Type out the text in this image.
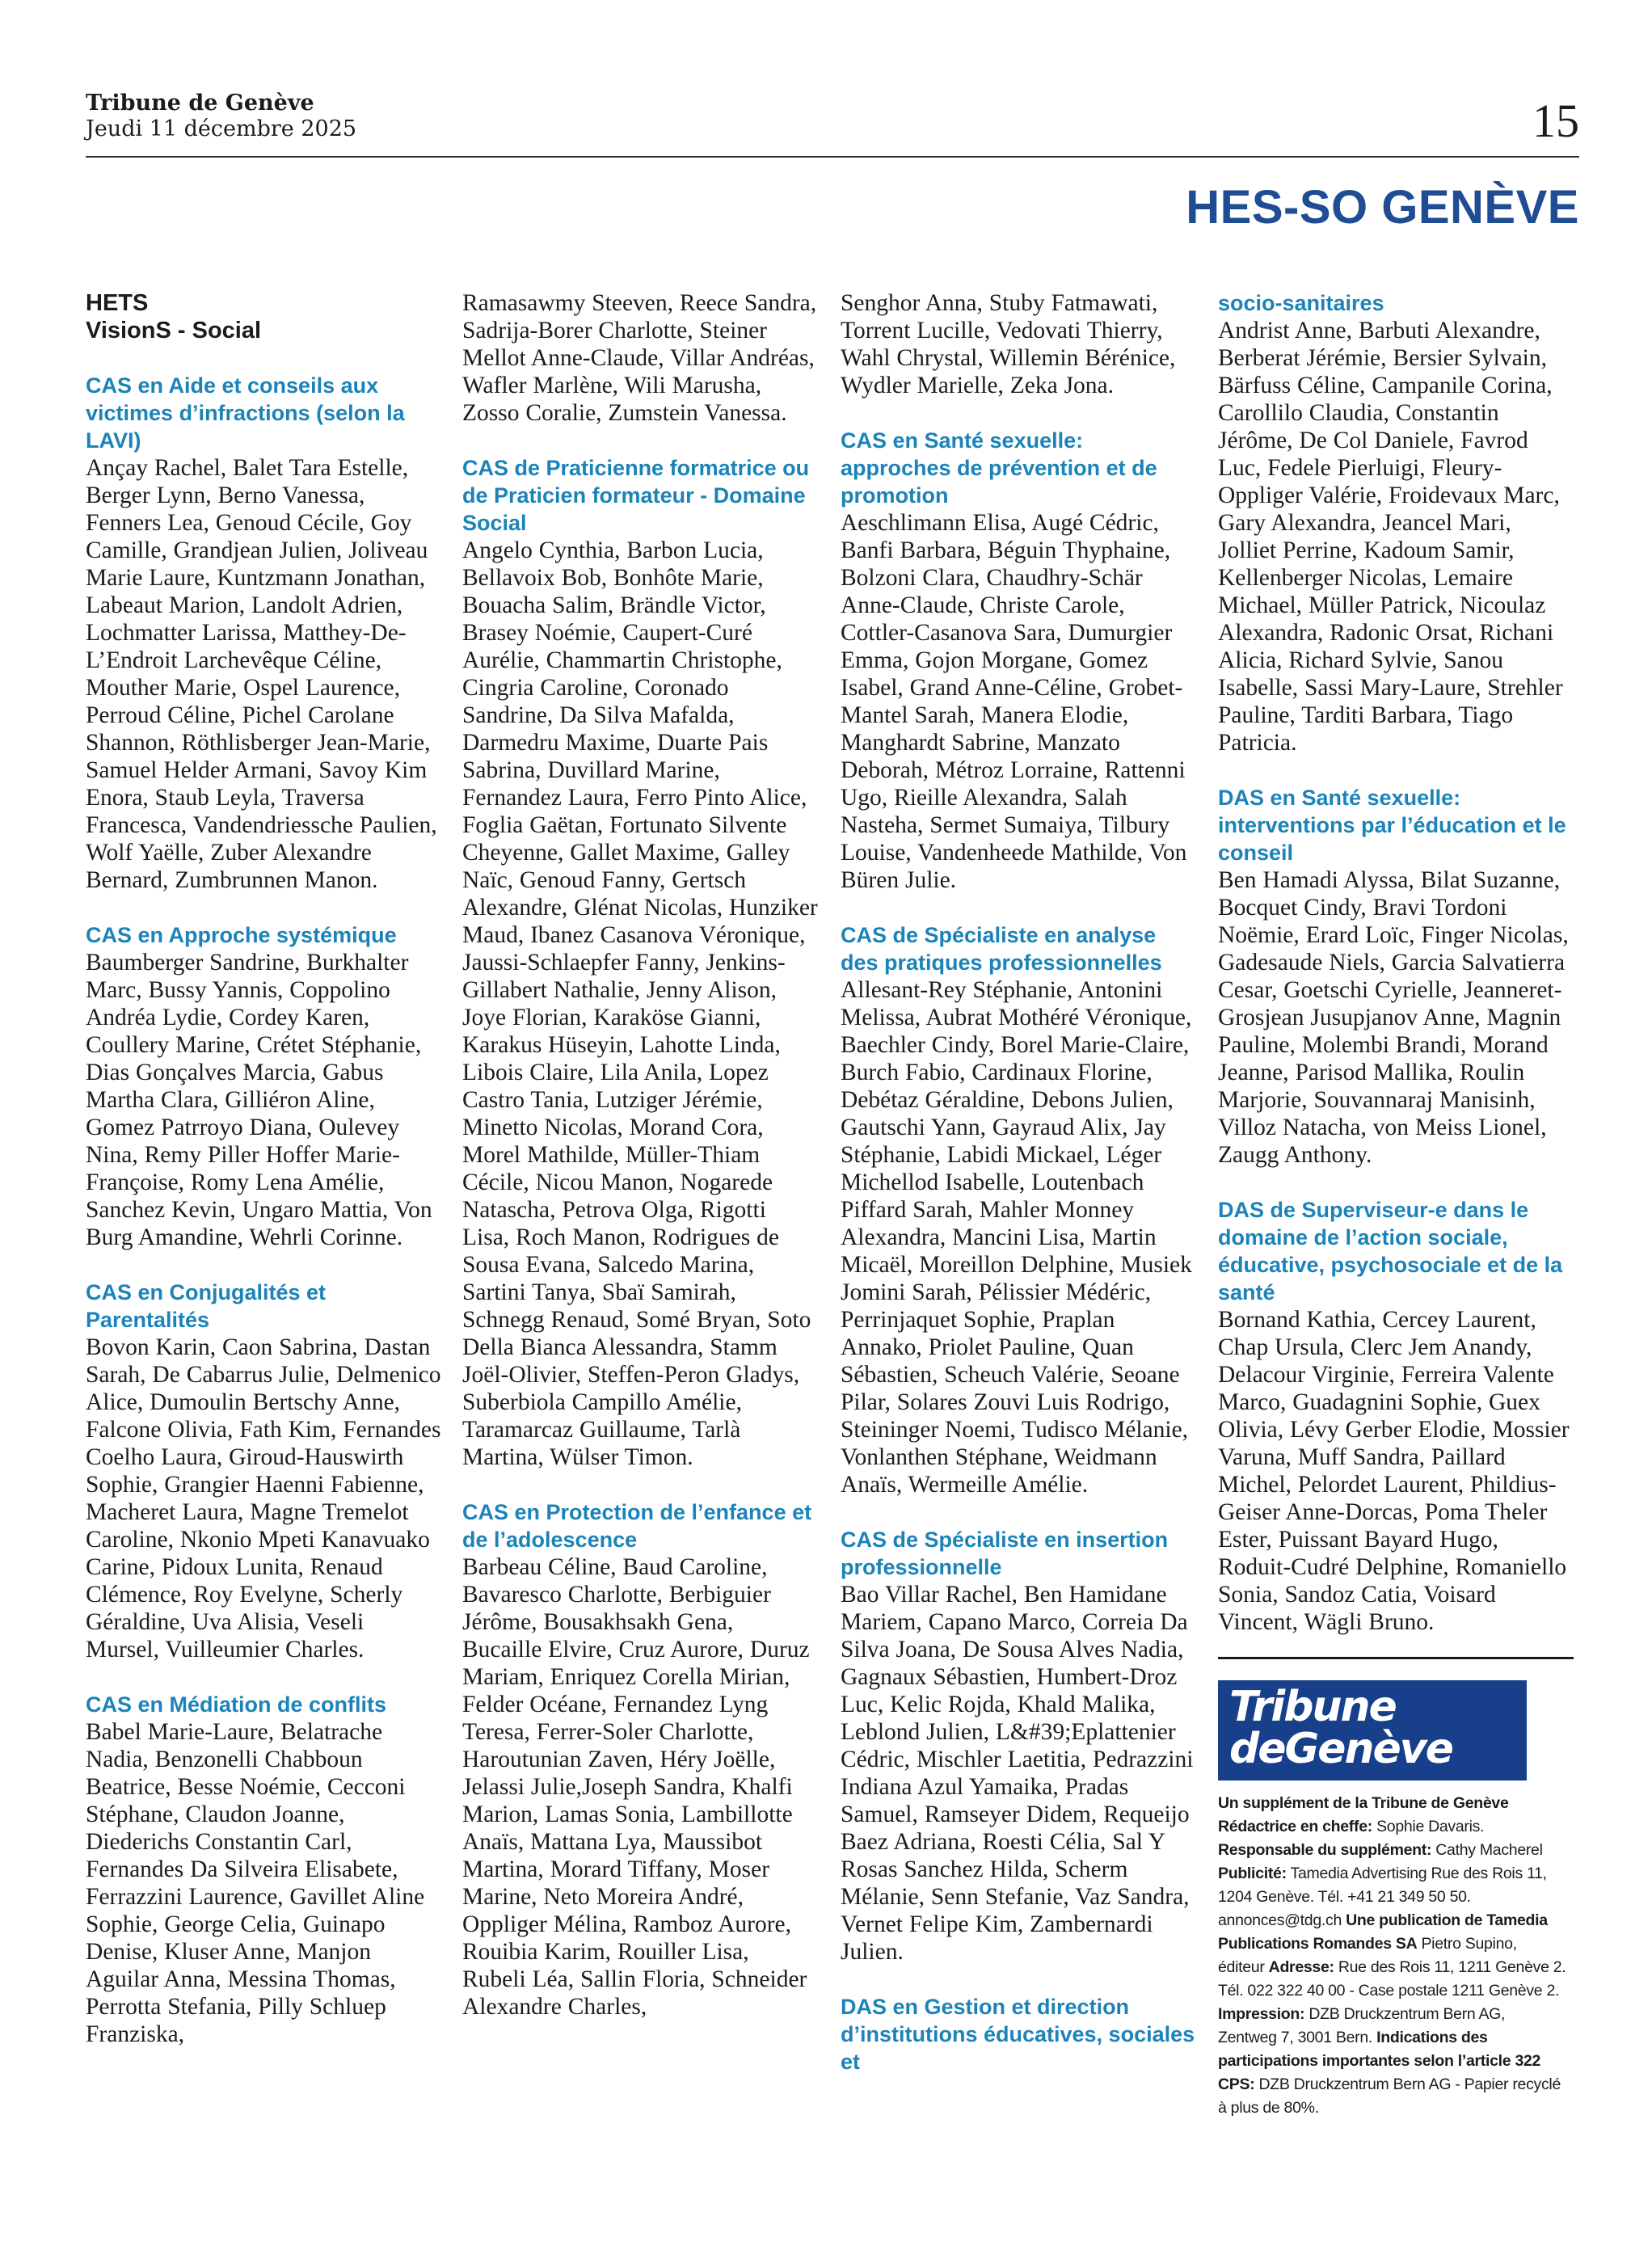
Tribune de Genève
Jeudi 11 décembre 2025	15
HES-SO GENÈVE
HETS
VisionS - Social

CAS en Aide et conseils aux victimes d’infractions (selon la LAVI)

Ançay Rachel, Balet Tara Estelle, Berger Lynn, Berno Vanessa, Fenners Lea, Genoud Cécile, Goy Camille, Grandjean Julien, Joliveau Marie Laure, Kuntzmann Jonathan, Labeaut Marion, Landolt Adrien, Lochmatter Larissa, Matthey-De-L’Endroit Larchevêque Céline, Mouther Marie, Ospel Laurence, Perroud Céline, Pichel Carolane Shannon, Röthlisberger Jean-Marie, Samuel Helder Armani, Savoy Kim Enora, Staub Leyla, Traversa Francesca, Vandendriessche Paulien, Wolf Yaëlle, Zuber Alexandre Bernard, Zumbrunnen Manon.

CAS en Approche systémique

Baumberger Sandrine, Burkhalter Marc, Bussy Yannis, Coppolino Andréa Lydie, Cordey Karen, Coullery Marine, Crétet Stéphanie, Dias Gonçalves Marcia, Gabus Martha Clara, Gilliéron Aline, Gomez Patrroyo Diana, Oulevey Nina, Remy Piller Hoffer Marie-Françoise, Romy Lena Amélie, Sanchez Kevin, Ungaro Mattia, Von Burg Amandine, Wehrli Corinne.

CAS en Conjugalités et Parentalités

Bovon Karin, Caon Sabrina, Dastan Sarah, De Cabarrus Julie, Delmenico Alice, Dumoulin Bertschy Anne, Falcone Olivia, Fath Kim, Fernandes Coelho Laura, Giroud-Hauswirth Sophie, Grangier Haenni Fabienne, Macheret Laura, Magne Tremelot Caroline, Nkonio Mpeti Kanavuako Carine, Pidoux Lunita, Renaud Clémence, Roy Evelyne, Scherly Géraldine, Uva Alisia, Veseli Mursel, Vuilleumier Charles.

CAS en Médiation de conflits

Babel Marie-Laure, Belatrache Nadia, Benzonelli Chabboun Beatrice, Besse Noémie, Cecconi Stéphane, Claudon Joanne, Diederichs Constantin Carl, Fernandes Da Silveira Elisabete, Ferrazzini Laurence, Gavillet Aline Sophie, George Celia, Guinapo Denise, Kluser Anne, Manjon Aguilar Anna, Messina Thomas, Perrotta Stefania, Pilly Schluep Franziska,

Ramasawmy Steeven, Reece Sandra, Sadrija-Borer Charlotte, Steiner Mellot Anne-Claude, Villar Andréas, Wafler Marlène, Wili Marusha, Zosso Coralie, Zumstein Vanessa.

CAS de Praticienne formatrice ou de Praticien formateur - Domaine Social

Angelo Cynthia, Barbon Lucia, Bellavoix Bob, Bonhôte Marie, Bouacha Salim, Brändle Victor, Brasey Noémie, Caupert-Curé Aurélie, Chammartin Christophe, Cingria Caroline, Coronado Sandrine, Da Silva Mafalda, Darmedru Maxime, Duarte Pais Sabrina, Duvillard Marine, Fernandez Laura, Ferro Pinto Alice, Foglia Gaëtan, Fortunato Silvente Cheyenne, Gallet Maxime, Galley Naïc, Genoud Fanny, Gertsch Alexandre, Glénat Nicolas, Hunziker Maud, Ibanez Casanova Véronique, Jaussi-Schlaepfer Fanny, Jenkins-Gillabert Nathalie, Jenny Alison, Joye Florian, Karaköse Gianni, Karakus Hüseyin, Lahotte Linda, Libois Claire, Lila Anila, Lopez Castro Tania, Lutziger Jérémie, Minetto Nicolas, Morand Cora, Morel Mathilde, Müller-Thiam Cécile, Nicou Manon, Nogarede Natascha, Petrova Olga, Rigotti Lisa, Roch Manon, Rodrigues de Sousa Evana, Salcedo Marina, Sartini Tanya, Sbaï Samirah, Schnegg Renaud, Somé Bryan, Soto Della Bianca Alessandra, Stamm Joël-Olivier, Steffen-Peron Gladys, Suberbiola Campillo Amélie, Taramarcaz Guillaume, Tarlà Martina, Wülser Timon.

CAS en Protection de l’enfance et de l’adolescence

Barbeau Céline, Baud Caroline, Bavaresco Charlotte, Berbiguier Jérôme, Bousakhsakh Gena, Bucaille Elvire, Cruz Aurore, Duruz Mariam, Enriquez Corella Mirian, Felder Océane, Fernandez Lyng Teresa, Ferrer-Soler Charlotte, Haroutunian Zaven, Héry Joëlle, Jelassi Julie,Joseph Sandra, Khalfi Marion, Lamas Sonia, Lambillotte Anaïs, Mattana Lya, Maussibot Martina, Morard Tiffany, Moser Marine, Neto Moreira André, Oppliger Mélina, Ramboz Aurore, Rouibia Karim, Rouiller Lisa, Rubeli Léa, Sallin Floria, Schneider Alexandre Charles,

Senghor Anna, Stuby Fatmawati, Torrent Lucille, Vedovati Thierry, Wahl Chrystal, Willemin Bérénice, Wydler Marielle, Zeka Jona.

CAS en Santé sexuelle: approches de prévention et de promotion

Aeschlimann Elisa, Augé Cédric, Banfi Barbara, Béguin Thyphaine, Bolzoni Clara, Chaudhry-Schär Anne-Claude, Christe Carole, Cottler-Casanova Sara, Dumurgier Emma, Gojon Morgane, Gomez Isabel, Grand Anne-Céline, Grobet-Mantel Sarah, Manera Elodie, Manghardt Sabrine, Manzato Deborah, Métroz Lorraine, Rattenni Ugo, Rieille Alexandra, Salah Nasteha, Sermet Sumaiya, Tilbury Louise, Vandenheede Mathilde, Von Büren Julie.

CAS de Spécialiste en analyse des pratiques professionnelles

Allesant-Rey Stéphanie, Antonini Melissa, Aubrat Mothéré Véronique, Baechler Cindy, Borel Marie-Claire, Burch Fabio, Cardinaux Florine, Debétaz Géraldine, Debons Julien, Gautschi Yann, Gayraud Alix, Jay Stéphanie, Labidi Mickael, Léger Michellod Isabelle, Loutenbach Piffard Sarah, Mahler Monney Alexandra, Mancini Lisa, Martin Micaël, Moreillon Delphine, Musiek Jomini Sarah, Pélissier Médéric, Perrinjaquet Sophie, Praplan Annako, Priolet Pauline, Quan Sébastien, Scheuch Valérie, Seoane Pilar, Solares Zouvi Luis Rodrigo, Steininger Noemi, Tudisco Mélanie, Vonlanthen Stéphane, Weidmann Anaïs, Wermeille Amélie.

CAS de Spécialiste en insertion professionnelle

Bao Villar Rachel, Ben Hamidane Mariem, Capano Marco, Correia Da Silva Joana, De Sousa Alves Nadia, Gagnaux Sébastien, Humbert-Droz Luc, Kelic Rojda, Khald Malika, Leblond Julien, L&#39;Eplattenier Cédric, Mischler Laetitia, Pedrazzini Indiana Azul Yamaika, Pradas Samuel, Ramseyer Didem, Requeijo Baez Adriana, Roesti Célia, Sal Y Rosas Sanchez Hilda, Scherm Mélanie, Senn Stefanie, Vaz Sandra, Vernet Felipe Kim, Zambernardi Julien.

DAS en Gestion et direction d’institutions éducatives, sociales et

socio-sanitaires

Andrist Anne, Barbuti Alexandre, Berberat Jérémie, Bersier Sylvain, Bärfuss Céline, Campanile Corina, Carollilo Claudia, Constantin Jérôme, De Col Daniele, Favrod Luc, Fedele Pierluigi, Fleury-Oppliger Valérie, Froidevaux Marc, Gary Alexandra, Jeancel Mari, Jolliet Perrine, Kadoum Samir, Kellenberger Nicolas, Lemaire Michael, Müller Patrick, Nicoulaz Alexandra, Radonic Orsat, Richani Alicia, Richard Sylvie, Sanou Isabelle, Sassi Mary-Laure, Strehler Pauline, Tarditi Barbara, Tiago Patricia.

DAS en Santé sexuelle: interventions par l’éducation et le conseil

Ben Hamadi Alyssa, Bilat Suzanne, Bocquet Cindy, Bravi Tordoni Noëmie, Erard Loïc, Finger Nicolas, Gadesaude Niels, Garcia Salvatierra Cesar, Goetschi Cyrielle, Jeanneret-Grosjean Jusupjanov Anne, Magnin Pauline, Molembi Brandi, Morand Jeanne, Parisod Mallika, Roulin Marjorie, Souvannaraj Manisinh, Villoz Natacha, von Meiss Lionel, Zaugg Anthony.

DAS de Superviseur-e dans le domaine de l’action sociale, éducative, psychosociale et de la santé

Bornand Kathia, Cercey Laurent, Chap Ursula, Clerc Jem Anandy, Delacour Virginie, Ferreira Valente Marco, Guadagnini Sophie, Guex Olivia, Lévy Gerber Elodie, Mossier Varuna, Muff Sandra, Paillard Michel, Pelordet Laurent, Phildius-Geiser Anne-Dorcas, Poma Theler Ester, Puissant Bayard Hugo, Roduit-Cudré Delphine, Romaniello Sonia, Sandoz Catia, Voisard Vincent, Wägli Bruno.

Tribune
deGenève
Un supplément de la Tribune de Genève
Rédactrice en cheffe: Sophie Davaris.
Responsable du supplément: Cathy Macherel
Publicité: Tamedia Advertising Rue des Rois 11, 1204 Genève. Tél. +41 21 349 50 50. annonces@tdg.ch Une publication de Tamedia Publications Romandes SA Pietro Supino, éditeur Adresse: Rue des Rois 11, 1211 Genève 2. Tél. 022 322 40 00 - Case postale 1211 Genève 2. Impression: DZB Druckzentrum Bern AG, Zentweg 7, 3001 Bern. Indications des participations importantes selon l’article 322 CPS: DZB Druckzentrum Bern AG - Papier recyclé à plus de 80%.
